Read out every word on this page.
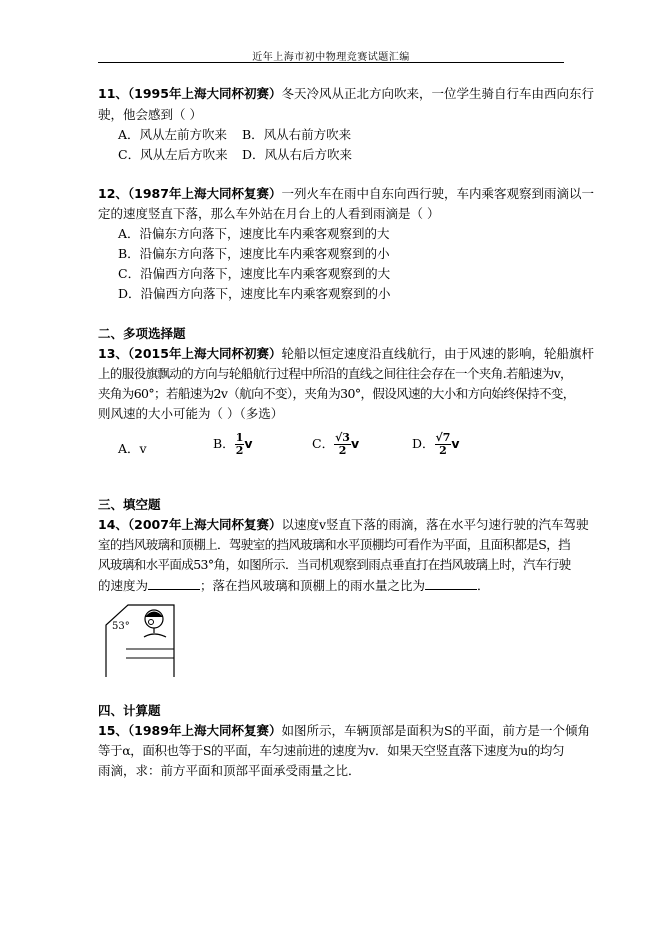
近年上海市初中物理竞赛试题汇编
11、（1995年上海大同杯初赛）冬天冷风从正北方向吹来，一位学生骑自行车由西向东行
驶，他会感到（ ）
A．风从左前方吹来 B．风从右前方吹来
C．风从左后方吹来 D．风从右后方吹来
12、（1987年上海大同杯复赛）一列火车在雨中自东向西行驶，车内乘客观察到雨滴以一
定的速度竖直下落，那么车外站在月台上的人看到雨滴是（ ）
A．沿偏东方向落下，速度比车内乘客观察到的大
B．沿偏东方向落下，速度比车内乘客观察到的小
C．沿偏西方向落下，速度比车内乘客观察到的大
D．沿偏西方向落下，速度比车内乘客观察到的小
二、多项选择题
13、（2015年上海大同杯初赛）轮船以恒定速度沿直线航行，由于风速的影响，轮船旗杆
上的服役旗飘动的方向与轮船航行过程中所沿的直线之间往往会存在一个夹角.若船速为v，
夹角为60°；若船速为2v（航向不变），夹角为30°，假设风速的大小和方向始终保持不变，
则风速的大小可能为（ ）（多选）
A．v	B． $\frac{1}{2}$ v	C． $\frac{√3}{2}$ v	D． $\frac{√7}{2}$ v
三、填空题
14、（2007年上海大同杯复赛）以速度v竖直下落的雨滴，落在水平匀速行驶的汽车驾驶
室的挡风玻璃和顶棚上．驾驶室的挡风玻璃和水平顶棚均可看作为平面，且面积都是S，挡
风玻璃和水平面成53°角，如图所示．当司机观察到雨点垂直打在挡风玻璃上时，汽车行驶
的速度为	；落在挡风玻璃和顶棚上的雨水量之比为	．
53°
四、计算题
15、（1989年上海大同杯复赛）如图所示，车辆顶部是面积为S的平面，前方是一个倾角
等于α，面积也等于S的平面，车匀速前进的速度为v．如果天空竖直落下速度为u的均匀
雨滴，求：前方平面和顶部平面承受雨量之比．
